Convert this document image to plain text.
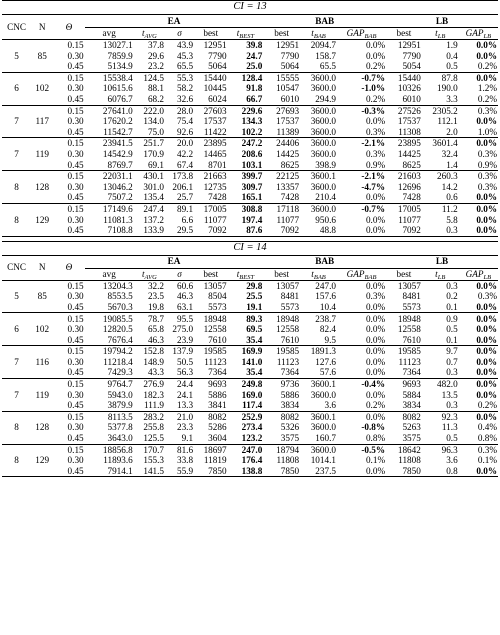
CI = 13													
CNC	N	Θ	EA					BAB			LB		
			avg	$t_{AVG}$	σ	best	$t_{BEST}$	best	$t_{BAB}$	$GAP_{BAB}$	best	$t_{LB}$	$GAP_{LB}$
5	85	0.15	13027.1	37.8	43.9	12951	39.8	12951	2094.7	0.0%	12951	1.9	0.0%
		0.30	7859.9	29.6	45.3	7790	24.7	7790	158.7	0.0%	7790	0.4	0.0%
		0.45	5134.9	23.2	65.5	5064	25.0	5064	65.5	0.2%	5054	0.5	0.2%
6	102	0.15	15538.4	124.5	55.3	15440	128.4	15555	3600.0	-0.7%	15440	87.8	0.0%
		0.30	10615.6	88.1	58.2	10445	91.8	10547	3600.0	-1.0%	10326	190.0	1.2%
		0.45	6076.7	68.2	32.6	6024	66.7	6010	294.9	0.2%	6010	3.3	0.2%
7	117	0.15	27641.0	222.0	28.0	27603	229.6	27693	3600.0	-0.3%	27526	2305.2	0.3%
		0.30	17620.2	134.0	75.4	17537	134.3	17537	3600.0	0.0%	17537	112.1	0.0%
		0.45	11542.7	75.0	92.6	11422	102.2	11389	3600.0	0.3%	11308	2.0	1.0%
7	119	0.15	23941.5	251.7	20.0	23895	247.2	24406	3600.0	-2.1%	23895	3601.4	0.0%
		0.30	14542.9	170.9	42.2	14465	208.6	14425	3600.0	0.3%	14425	32.4	0.3%
		0.45	8769.7	69.1	67.4	8701	103.1	8625	398.9	0.9%	8625	1.4	0.9%
8	128	0.15	22031.1	430.1	173.8	21663	399.7	22125	3600.1	-2.1%	21603	260.3	0.3%
		0.30	13046.2	301.0	206.1	12735	309.7	13357	3600.0	-4.7%	12696	14.2	0.3%
		0.45	7507.2	135.4	25.7	7428	165.1	7428	210.4	0.0%	7428	0.6	0.0%
8	129	0.15	17149.6	247.4	89.1	17005	308.8	17118	3600.0	-0.7%	17005	11.2	0.0%
		0.30	11081.3	137.2	6.6	11077	197.4	11077	950.6	0.0%	11077	5.8	0.0%
		0.45	7108.8	133.9	29.5	7092	87.6	7092	48.8	0.0%	7092	0.3	0.0%

CI = 14													
CNC	N	Θ	EA					BAB			LB		
			avg	$t_{AVG}$	σ	best	$t_{BEST}$	best	$t_{BAB}$	$GAP_{BAB}$	best	$t_{LB}$	$GAP_{LB}$
5	85	0.15	13204.3	32.2	60.6	13057	29.8	13057	247.0	0.0%	13057	0.3	0.0%
		0.30	8553.5	23.5	46.3	8504	25.5	8481	157.6	0.3%	8481	0.2	0.3%
		0.45	5670.3	19.8	63.1	5573	19.1	5573	10.4	0.0%	5573	0.1	0.0%
6	102	0.15	19085.5	78.7	95.5	18948	89.3	18948	238.7	0.0%	18948	0.9	0.0%
		0.30	12820.5	65.8	275.0	12558	69.5	12558	82.4	0.0%	12558	0.5	0.0%
		0.45	7676.4	46.3	23.9	7610	35.4	7610	9.5	0.0%	7610	0.1	0.0%
7	116	0.15	19794.2	152.8	137.9	19585	169.9	19585	1891.3	0.0%	19585	9.7	0.0%
		0.30	11218.4	148.9	50.5	11123	141.0	11123	127.6	0.0%	11123	0.7	0.0%
		0.45	7429.3	43.3	56.3	7364	35.4	7364	57.6	0.0%	7364	0.3	0.0%
7	119	0.15	9764.7	276.9	24.4	9693	249.8	9736	3600.1	-0.4%	9693	482.0	0.0%
		0.30	5943.0	182.3	24.1	5886	169.0	5886	3600.0	0.0%	5884	13.5	0.0%
		0.45	3879.9	111.9	13.3	3841	117.4	3834	3.6	0.2%	3834	0.3	0.2%
8	128	0.15	8113.5	283.2	21.0	8082	252.9	8082	3600.1	0.0%	8082	92.3	0.0%
		0.30	5377.8	255.8	23.3	5286	273.4	5326	3600.0	-0.8%	5263	11.3	0.4%
		0.45	3643.0	125.5	9.1	3604	123.2	3575	160.7	0.8%	3575	0.5	0.8%
8	129	0.15	18856.8	170.7	81.6	18697	247.0	18794	3600.0	-0.5%	18642	96.3	0.3%
		0.30	11893.6	155.3	33.8	11819	176.4	11808	1014.1	0.1%	11808	3.6	0.1%
		0.45	7914.1	141.5	55.9	7850	138.8	7850	237.5	0.0%	7850	0.8	0.0%
